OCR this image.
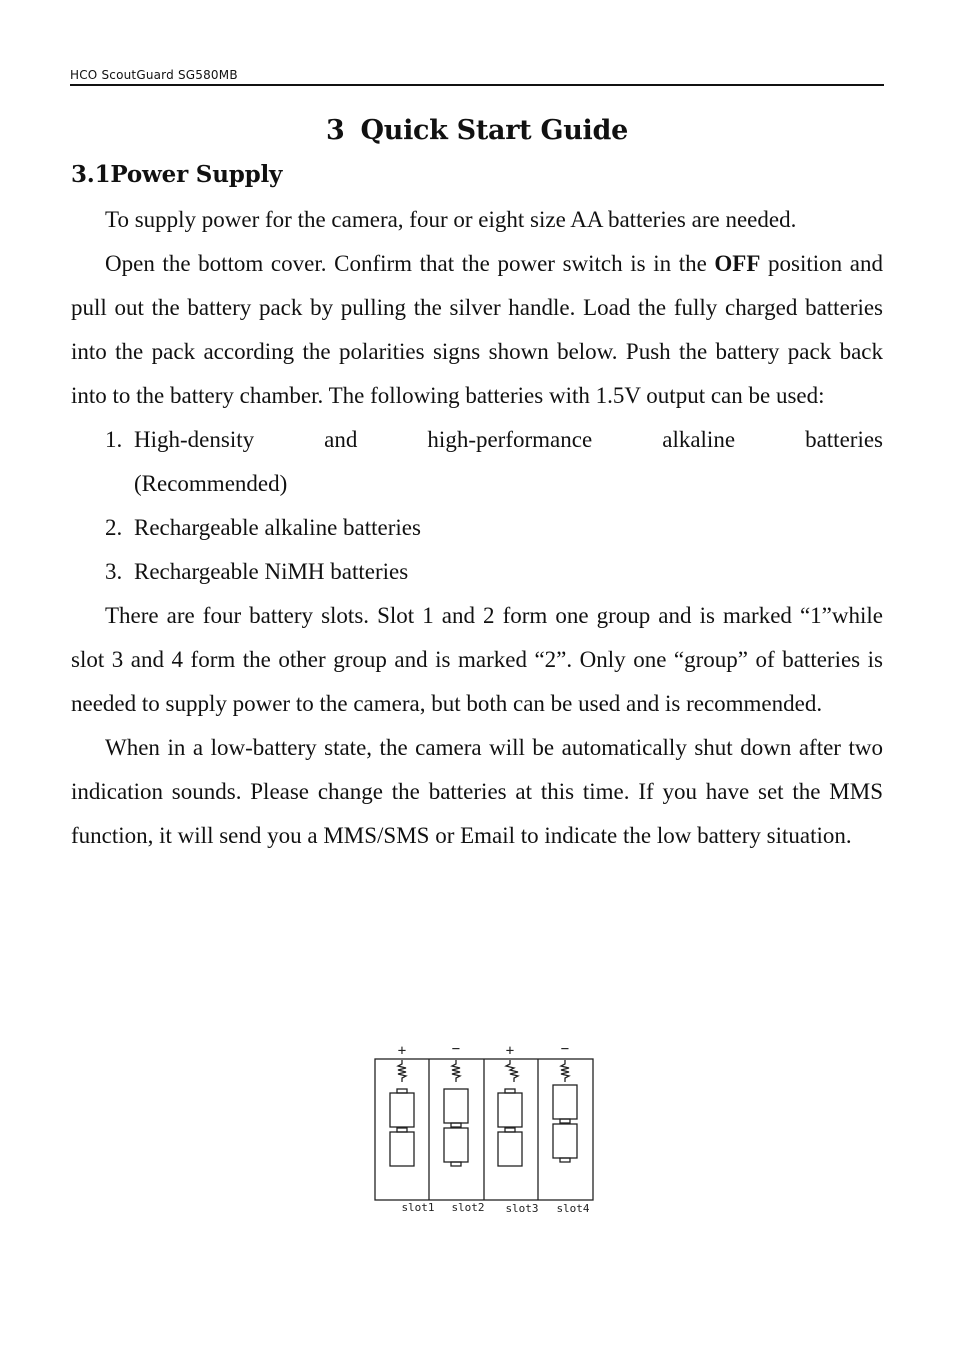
HCO ScoutGuard SG580MB
3 Quick Start Guide
3.1Power Supply

To supply power for the camera, four or eight size AA batteries are needed.

Open the bottom cover. Confirm that the power switch is in the OFF position and pull out the battery pack by pulling the silver handle. Load the fully charged batteries into the pack according the polarities signs shown below. Push the battery pack back into to the battery chamber. The following batteries with 1.5V output can be used:

1. High-density and high-performance alkaline batteries
(Recommended)
2. Rechargeable alkaline batteries
3. Rechargeable NiMH batteries

There are four battery slots. Slot 1 and 2 form one group and is marked “1”while slot 3 and 4 form the other group and is marked “2”. Only one “group” of batteries is needed to supply power to the camera, but both can be used and is recommended.

When in a low-battery state, the camera will be automatically shut down after two indication sounds. Please change the batteries at this time. If you have set the MMS function, it will send you a MMS/SMS or Email to indicate the low battery situation.

+	−	+	−
slot1 slot2 slot3 slot4
